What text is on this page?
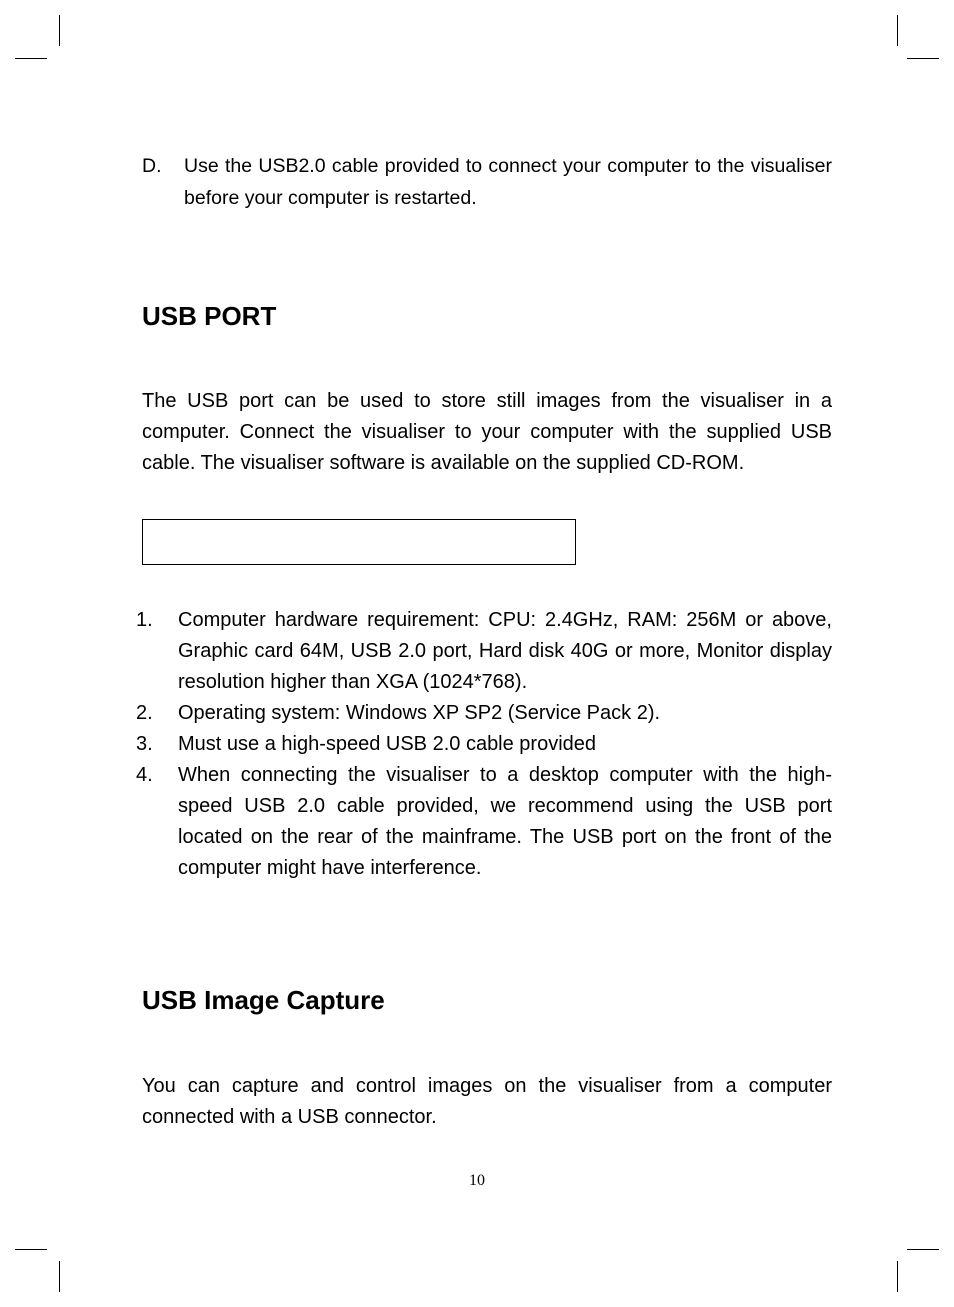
D. Use the USB2.0 cable provided to connect your computer to the visualiser before your computer is restarted.
USB PORT

The USB port can be used to store still images from the visualiser in a computer. Connect the visualiser to your computer with the supplied USB cable. The visualiser software is available on the supplied CD-ROM.

1. Computer hardware requirement: CPU: 2.4GHz, RAM: 256M or above, Graphic card 64M, USB 2.0 port, Hard disk 40G or more, Monitor display resolution higher than XGA (1024*768).
2. Operating system: Windows XP SP2 (Service Pack 2).
3. Must use a high-speed USB 2.0 cable provided
4. When connecting the visualiser to a desktop computer with the high-speed USB 2.0 cable provided, we recommend using the USB port located on the rear of the mainframe. The USB port on the front of the computer might have interference.
USB Image Capture

You can capture and control images on the visualiser from a computer connected with a USB connector.

10
